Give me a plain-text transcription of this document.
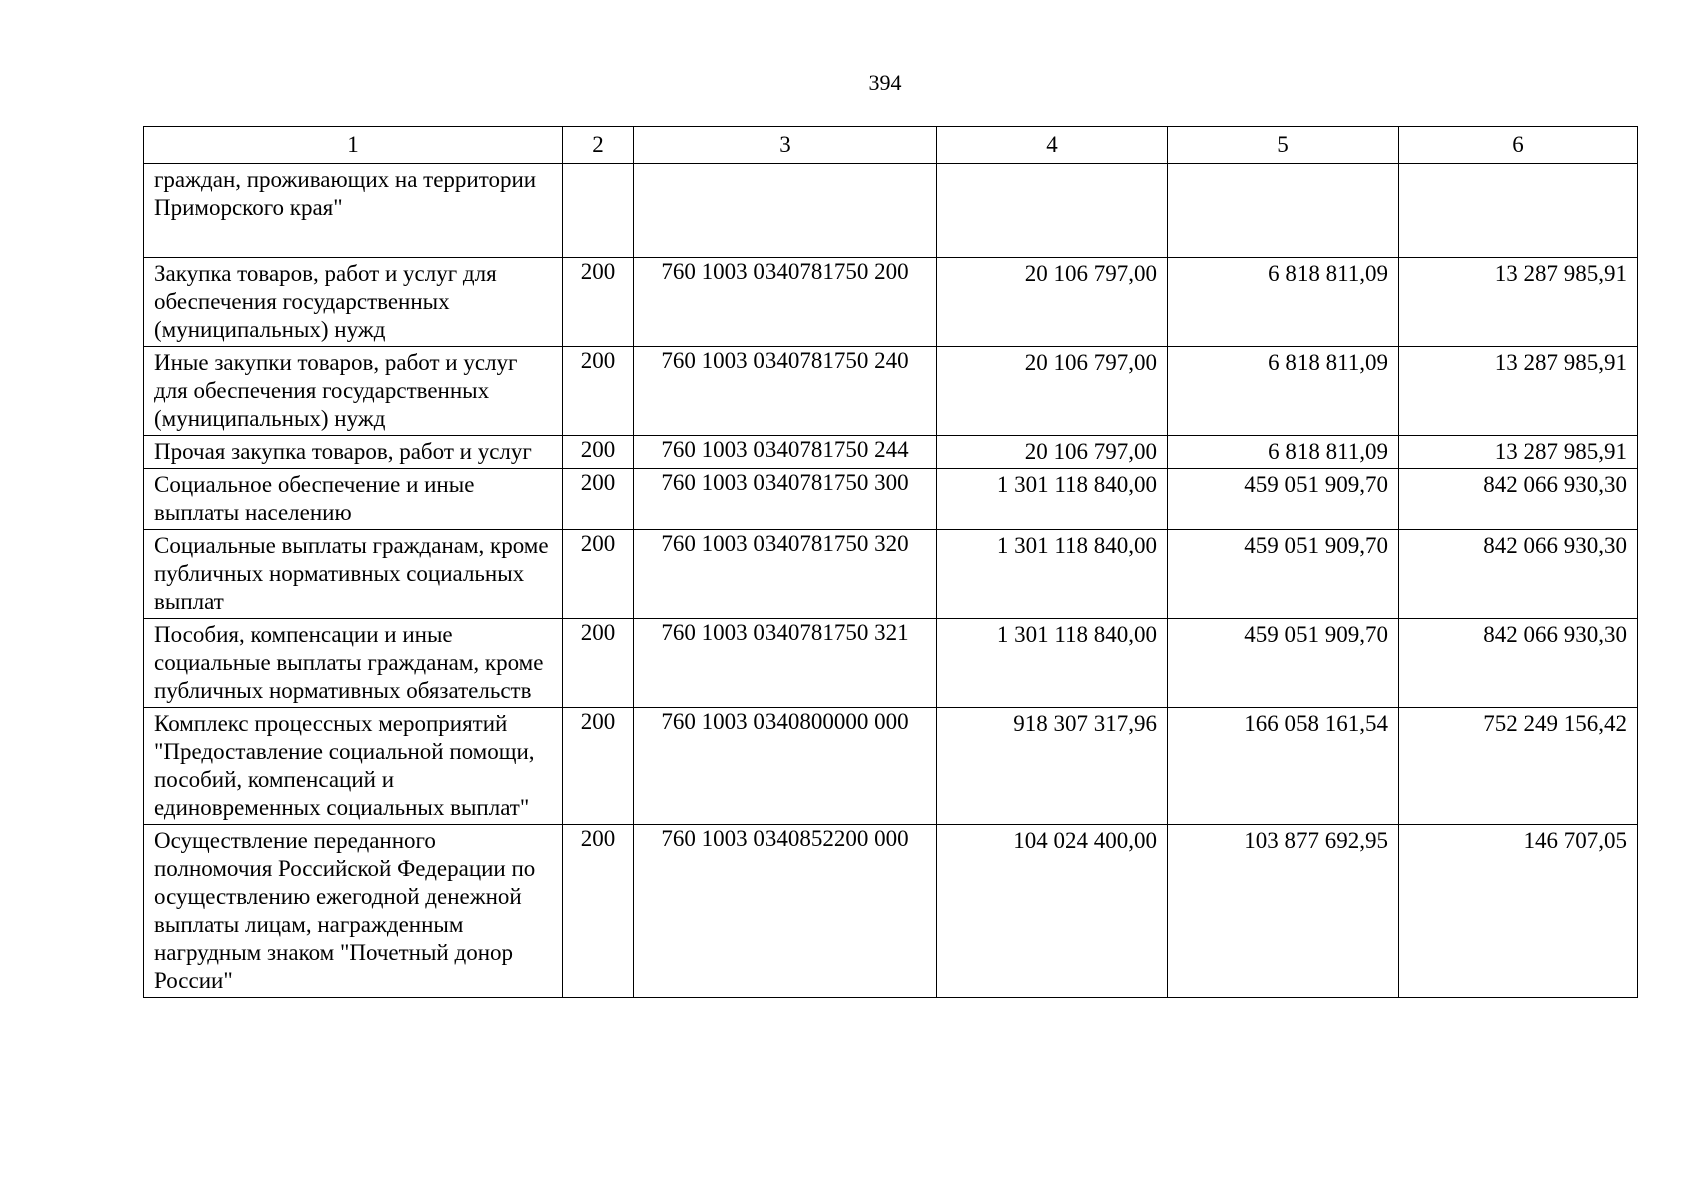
394
1	2	3	4	5	6
граждан, проживающих на территории Приморского края"					
Закупка товаров, работ и услуг для обеспечения государственных (муниципальных) нужд	200	760 1003 0340781750 200	20 106 797,00	6 818 811,09	13 287 985,91
Иные закупки товаров, работ и услуг для обеспечения государственных (муниципальных) нужд	200	760 1003 0340781750 240	20 106 797,00	6 818 811,09	13 287 985,91
Прочая закупка товаров, работ и услуг	200	760 1003 0340781750 244	20 106 797,00	6 818 811,09	13 287 985,91
Социальное обеспечение и иные выплаты населению	200	760 1003 0340781750 300	1 301 118 840,00	459 051 909,70	842 066 930,30
Социальные выплаты гражданам, кроме публичных нормативных социальных выплат	200	760 1003 0340781750 320	1 301 118 840,00	459 051 909,70	842 066 930,30
Пособия, компенсации и иные социальные выплаты гражданам, кроме публичных нормативных обязательств	200	760 1003 0340781750 321	1 301 118 840,00	459 051 909,70	842 066 930,30
Комплекс процессных мероприятий "Предоставление социальной помощи, пособий, компенсаций и единовременных социальных выплат"	200	760 1003 0340800000 000	918 307 317,96	166 058 161,54	752 249 156,42
Осуществление переданного полномочия Российской Федерации по осуществлению ежегодной денежной выплаты лицам, награжденным нагрудным знаком "Почетный донор России"	200	760 1003 0340852200 000	104 024 400,00	103 877 692,95	146 707,05
